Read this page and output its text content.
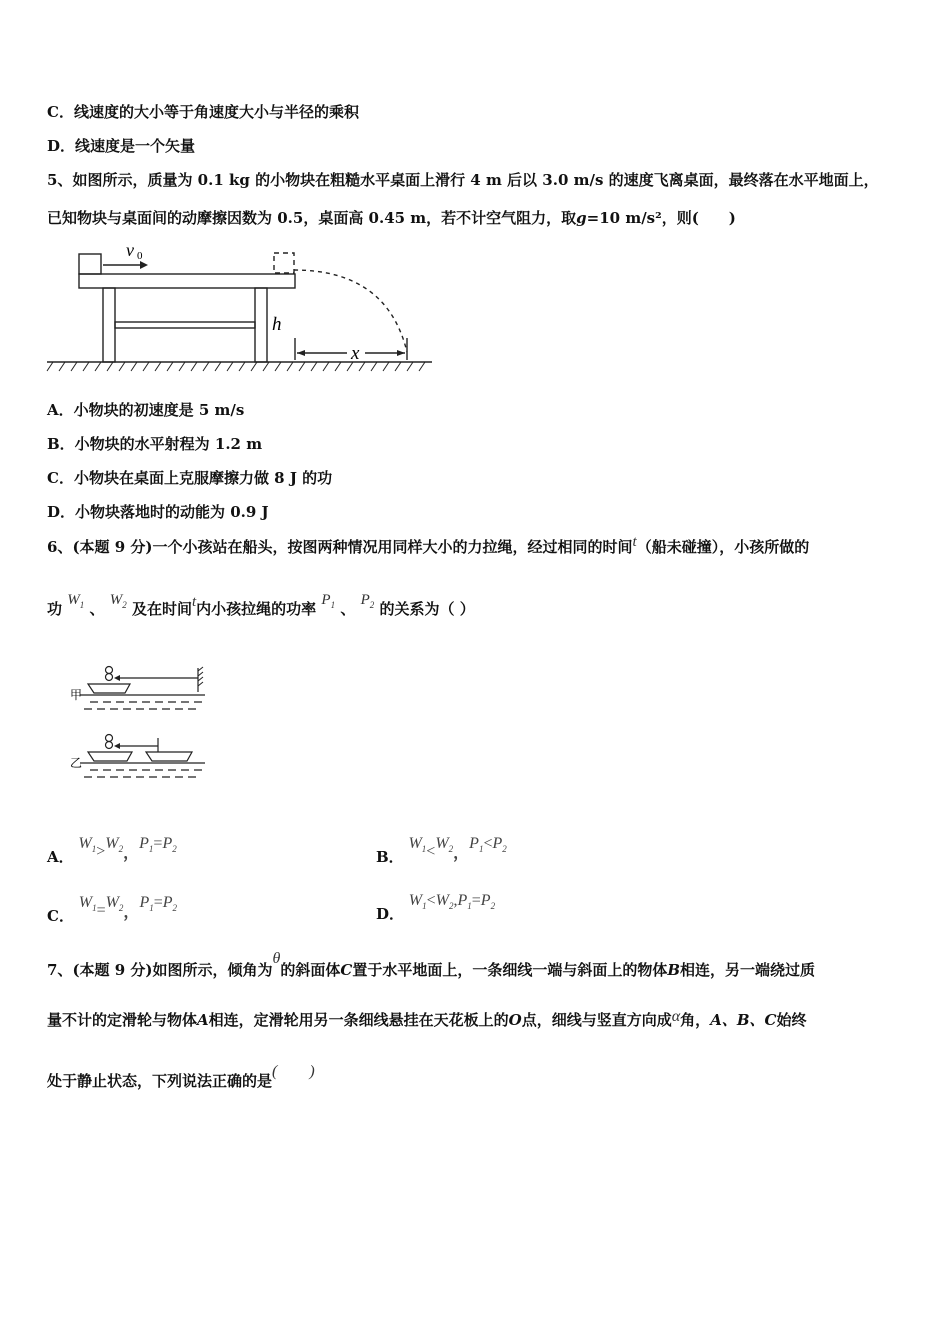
C．线速度的大小等于角速度大小与半径的乘积
D．线速度是一个矢量
5、如图所示，质量为 0.1 kg 的小物块在粗糙水平桌面上滑行 4 m 后以 3.0 m/s 的速度飞离桌面，最终落在水平地面上，
已知物块与桌面间的动摩擦因数为 0.5，桌面高 0.45 m，若不计空气阻力，取g=10 m/s²，则(　　)
v 0
h
x
A．小物块的初速度是 5 m/s
B．小物块的水平射程为 1.2 m
C．小物块在桌面上克服摩擦力做 8 J 的功
D．小物块落地时的动能为 0.9 J
6、(本题 9 分)一个小孩站在船头，按图两种情况用同样大小的力拉绳，经过相同的时间t（船未碰撞），小孩所做的
功 $W_1$ 、 $W_2$ 及在时间t内小孩拉绳的功率 $P_1$ 、 $P_2$ 的关系为（ ）
甲
乙
A． $W_1>W_2$，$P_1=P_2$	B． $W_1<W_2$，$P_1<P_2$
C． $W_1=W_2$，$P_1=P_2$	D． $W_1<W_2,P_1=P_2$
7、(本题 9 分)如图所示，倾角为θ的斜面体C置于水平地面上，一条细线一端与斜面上的物体B相连，另一端绕过质
量不计的定滑轮与物体A相连，定滑轮用另一条细线悬挂在天花板上的O点，细线与竖直方向成α角，A、B、C始终
处于静止状态，下列说法正确的是(　　)
